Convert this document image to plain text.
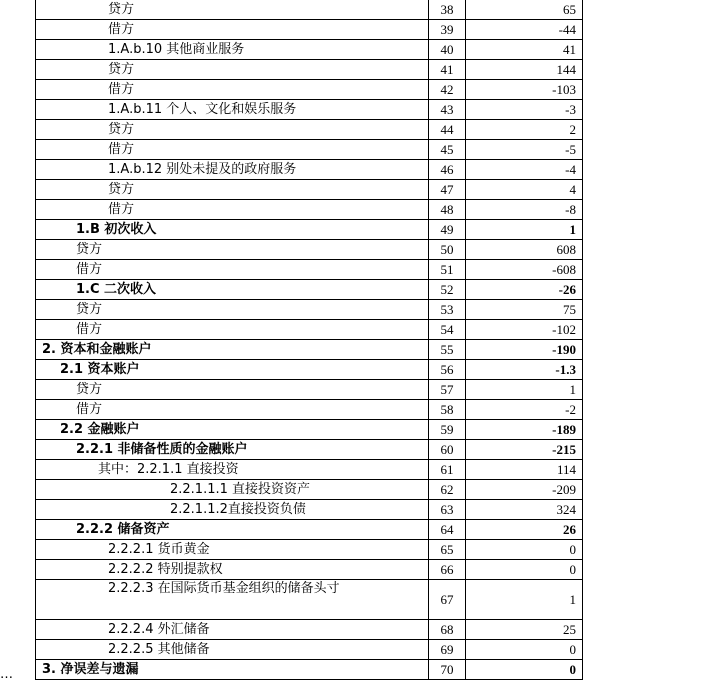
贷方	38	65
借方	39	-44
1.A.b.10 其他商业服务	40	41
贷方	41	144
借方	42	-103
1.A.b.11 个人、文化和娱乐服务	43	-3
贷方	44	2
借方	45	-5
1.A.b.12 别处未提及的政府服务	46	-4
贷方	47	4
借方	48	-8
1.B 初次收入	49	1
贷方	50	608
借方	51	-608
1.C 二次收入	52	-26
贷方	53	75
借方	54	-102
2. 资本和金融账户	55	-190
2.1 资本账户	56	-1.3
贷方	57	1
借方	58	-2
2.2 金融账户	59	-189
2.2.1 非储备性质的金融账户	60	-215
其中：2.2.1.1 直接投资	61	114
2.2.1.1.1 直接投资资产	62	-209
2.2.1.1.2直接投资负债	63	324
2.2.2 储备资产	64	26
2.2.2.1 货币黄金	65	0
2.2.2.2 特别提款权	66	0
2.2.2.3 在国际货币基金组织的储备头寸	67	1
2.2.2.4 外汇储备	68	25
2.2.2.5 其他储备	69	0
3. 净误差与遗漏	70	0
…
